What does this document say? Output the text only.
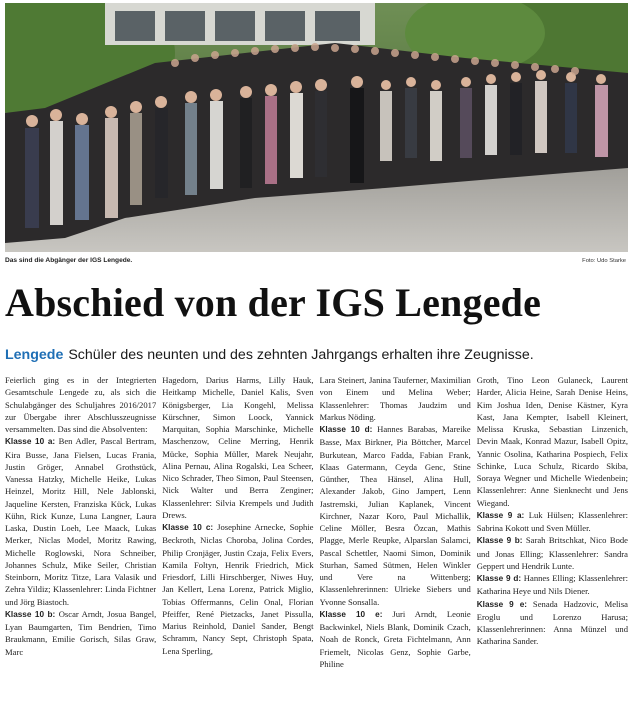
Das sind die Abgänger der IGS Lengede.	Foto: Udo Starke
Abschied von der IGS Lengede
Lengede Schüler des neunten und des zehnten Jahrgangs erhalten ihre Zeugnisse.

Feierlich ging es in der Integrierten Gesamtschule Lengede zu, als sich die Schulabgänger des Schuljahres 2016/2017 zur Übergabe ihrer Abschlusszeugnisse versammelten. Das sind die Absolventen:

Klasse 10 a: Ben Adler, Pascal Bertram, Kira Busse, Jana Fielsen, Lucas Frania, Justin Gröger, Annabel Grothstück, Vanessa Hatzky, Michelle Heike, Lukas Heinzel, Moritz Hill, Nele Jablonski, Jaqueline Kersten, Franziska Kück, Lukas Kühn, Rick Kunze, Luna Langner, Laura Laska, Dustin Loeh, Lee Maack, Lukas Merker, Niclas Model, Moritz Rawing, Michelle Roglowski, Nora Schneiber, Johannes Schulz, Mike Seiler, Christian Steinborn, Moritz Titze, Lara Valasik und Zehra Yildiz; Klassenlehrer: Linda Fichtner und Jörg Biastoch.

Klasse 10 b: Oscar Arndt, Josua Bangel, Lyan Baumgarten, Tim Bendrien, Timo Braukmann, Emilie Gorisch, Silas Graw, Marc

Hagedorn, Darius Harms, Lilly Hauk, Heitkamp Michelle, Daniel Kalis, Sven Königsberger, Lia Kongehl, Melissa Kürschner, Simon Loock, Yannick Marquitan, Sophia Marschinke, Michelle Maschenzow, Celine Merring, Henrik Mücke, Sophia Müller, Marek Neujahr, Alina Pernau, Alina Rogalski, Lea Scheer, Nico Schrader, Theo Simon, Paul Steensen, Nick Walter und Berra Zenginer; Klassenlehrer: Silvia Krempels und Judith Drews.

Klasse 10 c: Josephine Arnecke, Sophie Beckroth, Niclas Choroba, Jolina Cordes, Philip Cronjäger, Justin Czaja, Felix Evers, Kamila Foltyn, Henrik Friedrich, Mick Friesdorf, Lilli Hirschberger, Niwes Huy, Jan Kellert, Lena Lorenz, Patrick Miglio, Tobias Offermanns, Celin Onal, Florian Pfeiffer, René Pietzacks, Janet Pissulla, Marius Reinhold, Daniel Sander, Bengt Schramm, Nancy Sept, Christoph Spata, Lena Sperling,

Lara Steinert, Janina Tauferner, Maximilian von Einem und Melina Weber; Klassenlehrer: Thomas Jaudzim und Markus Nöding.

Klasse 10 d: Hannes Barabas, Mareike Basse, Max Birkner, Pia Böttcher, Marcel Burkutean, Marco Fadda, Fabian Frank, Klaas Gatermann, Ceyda Genc, Stine Günther, Thea Hänsel, Alina Hull, Alexander Jakob, Gino Jampert, Lenn Jastremski, Julian Kaplanek, Vincent Kirchner, Nazar Koro, Paul Michallik, Celine Möller, Besra Özcan, Mathis Plagge, Merle Reupke, Alparslan Salamci, Pascal Schettler, Naomi Simon, Dominik Sturhan, Samed Sütmen, Helen Winkler und Vere na Wittenberg; Klassenlehrerinnen: Ulrieke Siebers und Yvonne Sonsalla.

Klasse 10 e: Juri Arndt, Leonie Backwinkel, Niels Blank, Dominik Czach, Noah de Ronck, Greta Fichtelmann, Ann Friemelt, Nicolas Genz, Sophie Garbe, Philine

Groth, Tino Leon Gulaneck, Laurent Harder, Alicia Heine, Sarah Denise Heins, Kim Joshua Iden, Denise Kästner, Kyra Kast, Jana Kempter, Isabell Kleinert, Melissa Kruska, Sebastian Linzenich, Devin Maak, Konrad Mazur, Isabell Opitz, Yannic Osolina, Katharina Pospiech, Felix Schinke, Luca Schulz, Ricardo Skiba, Soraya Wegner und Michelle Wiedenbein; Klassenlehrer: Anne Sienknecht und Jens Wiegand.

Klasse 9 a: Luk Hülsen; Klassenlehrer: Sabrina Kokott und Sven Müller.

Klasse 9 b: Sarah Britschkat, Nico Bode und Jonas Elling; Klassenlehrer: Sandra Geppert und Hendrik Lunte.

Klasse 9 d: Hannes Elling; Klassenlehrer: Katharina Heye und Nils Diener.

Klasse 9 e: Senada Hadzovic, Melisa Eroglu und Lorenzo Harusa; Klassenlehrerinnen: Anna Münzel und Katharina Sander.
